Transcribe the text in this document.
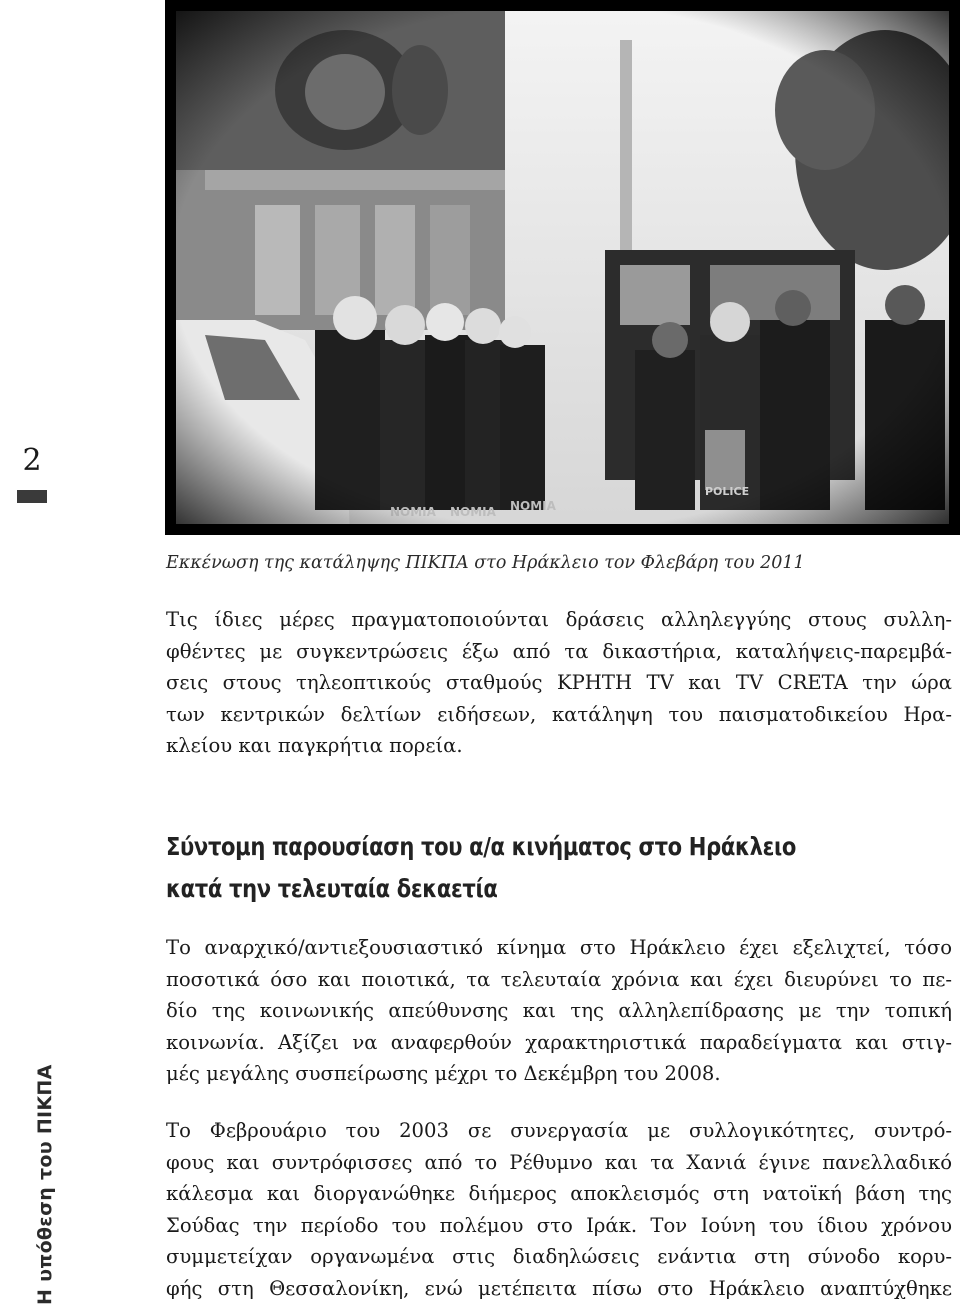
2
Η υπόθεση του ΠΙΚΠΑ
Εκκένωση της κατάληψης ΠΙΚΠΑ στο Ηράκλειο τον Φλεβάρη του 2011

Τις ίδιες μέρες πραγματοποιούνται δράσεις αλληλεγγύης στους συλλη-
φθέντες με συγκεντρώσεις έξω από τα δικαστήρια, καταλήψεις-παρεμβά-
σεις στους τηλεοπτικούς σταθμούς ΚΡΗΤΗ TV και TV CRETA την ώρα
των κεντρικών δελτίων ειδήσεων, κατάληψη του παισματοδικείου Ηρα-
κλείου και παγκρήτια πορεία.

Σύντομη παρουσίαση του α/α κινήματος στο Ηράκλειο
κατά την τελευταία δεκαετία

Το αναρχικό/αντιεξουσιαστικό κίνημα στο Ηράκλειο έχει εξελιχτεί, τόσο
ποσοτικά όσο και ποιοτικά, τα τελευταία χρόνια και έχει διευρύνει το πε-
δίο της κοινωνικής απεύθυνσης και της αλληλεπίδρασης με την τοπική
κοινωνία. Αξίζει να αναφερθούν χαρακτηριστικά παραδείγματα και στιγ-
μές μεγάλης συσπείρωσης μέχρι το Δεκέμβρη του 2008.

Το Φεβρουάριο του 2003 σε συνεργασία με συλλογικότητες, συντρό-
φους και συντρόφισσες από το Ρέθυμνο και τα Χανιά έγινε πανελλαδικό
κάλεσμα και διοργανώθηκε διήμερος αποκλεισμός στη νατοϊκή βάση της
Σούδας την περίοδο του πολέμου στο Ιράκ. Τον Ιούνη του ίδιου χρόνου
συμμετείχαν οργανωμένα στις διαδηλώσεις ενάντια στη σύνοδο κορυ-
φής στη Θεσσαλονίκη, ενώ μετέπειτα πίσω στο Ηράκλειο αναπτύχθηκε
